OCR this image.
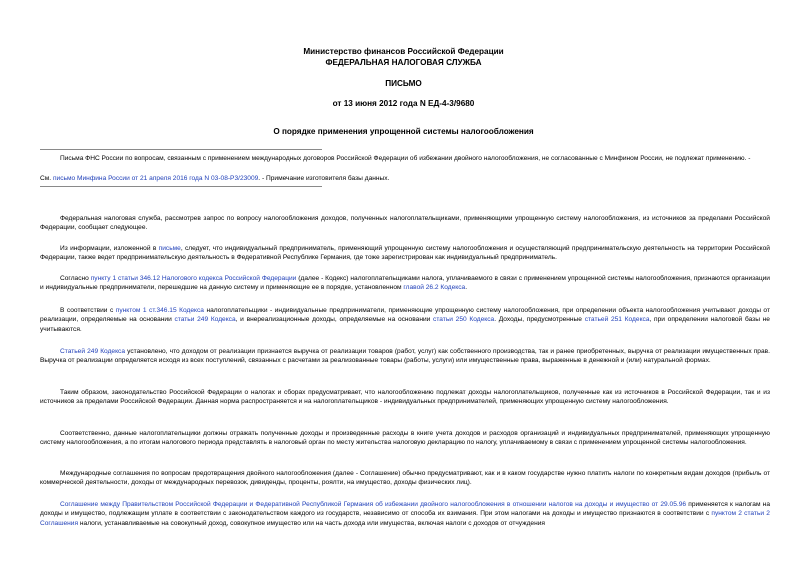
Министерство финансов Российской Федерации
ФЕДЕРАЛЬНАЯ НАЛОГОВАЯ СЛУЖБА
ПИСЬМО
от 13 июня 2012 года N ЕД-4-3/9680
О порядке применения упрощенной системы налогообложения
Письма ФНС России по вопросам, связанным с применением международных договоров Российской Федерации об избежании двойного налогообложения, не согласованные с Минфином России, не подлежат применению. -
См. письмо Минфина России от 21 апреля 2016 года N 03-08-Р3/23009. - Примечание изготовителя базы данных.
Федеральная налоговая служба, рассмотрев запрос по вопросу налогообложения доходов, полученных налогоплательщиками, применяющими упрощенную систему налогообложения, из источников за пределами Российской Федерации, сообщает следующее.
Из информации, изложенной в письме, следует, что индивидуальный предприниматель, применяющий упрощенную систему налогообложения и осуществляющий предпринимательскую деятельность на территории Российской Федерации, также ведет предпринимательскую деятельность в Федеративной Республике Германия, где тоже зарегистрирован как индивидуальный предприниматель.
Согласно пункту 1 статьи 346.12 Налогового кодекса Российской Федерации (далее - Кодекс) налогоплательщиками налога, уплачиваемого в связи с применением упрощенной системы налогообложения, признаются организации и индивидуальные предприниматели, перешедшие на данную систему и применяющие ее в порядке, установленном главой 26.2 Кодекса.
В соответствии с пунктом 1 ст.346.15 Кодекса налогоплательщики - индивидуальные предприниматели, применяющие упрощенную систему налогообложения, при определении объекта налогообложения учитывают доходы от реализации, определяемые на основании статьи 249 Кодекса, и внереализационные доходы, определяемые на основании статьи 250 Кодекса. Доходы, предусмотренные статьей 251 Кодекса, при определении налоговой базы не учитываются.
Статьей 249 Кодекса установлено, что доходом от реализации признается выручка от реализации товаров (работ, услуг) как собственного производства, так и ранее приобретенных, выручка от реализации имущественных прав. Выручка от реализации определяется исходя из всех поступлений, связанных с расчетами за реализованные товары (работы, услуги) или имущественные права, выраженные в денежной и (или) натуральной формах.
Таким образом, законодательство Российской Федерации о налогах и сборах предусматривает, что налогообложению подлежат доходы налогоплательщиков, полученные как из источников в Российской Федерации, так и из источников за пределами Российской Федерации. Данная норма распространяется и на налогоплательщиков - индивидуальных предпринимателей, применяющих упрощенную систему налогообложения.
Соответственно, данные налогоплательщики должны отражать полученные доходы и произведенные расходы в книге учета доходов и расходов организаций и индивидуальных предпринимателей, применяющих упрощенную систему налогообложения, а по итогам налогового периода представлять в налоговый орган по месту жительства налоговую декларацию по налогу, уплачиваемому в связи с применением упрощенной системы налогообложения.
Международные соглашения по вопросам предотвращения двойного налогообложения (далее - Соглашение) обычно предусматривают, как и в каком государстве нужно платить налоги по конкретным видам доходов (прибыль от коммерческой деятельности, доходы от международных перевозок, дивиденды, проценты, роялти, на имущество, доходы физических лиц).
Соглашение между Правительством Российской Федерации и Федеративной Республикой Германия об избежании двойного налогообложения в отношении налогов на доходы и имущество от 29.05.96 применяется к налогам на доходы и имущество, подлежащим уплате в соответствии с законодательством каждого из государств, независимо от способа их взимания. При этом налогами на доходы и имущество признаются в соответствии с пунктом 2 статьи 2 Соглашения налоги, устанавливаемые на совокупный доход, совокупное имущество или на часть дохода или имущества, включая налоги с доходов от отчуждения
